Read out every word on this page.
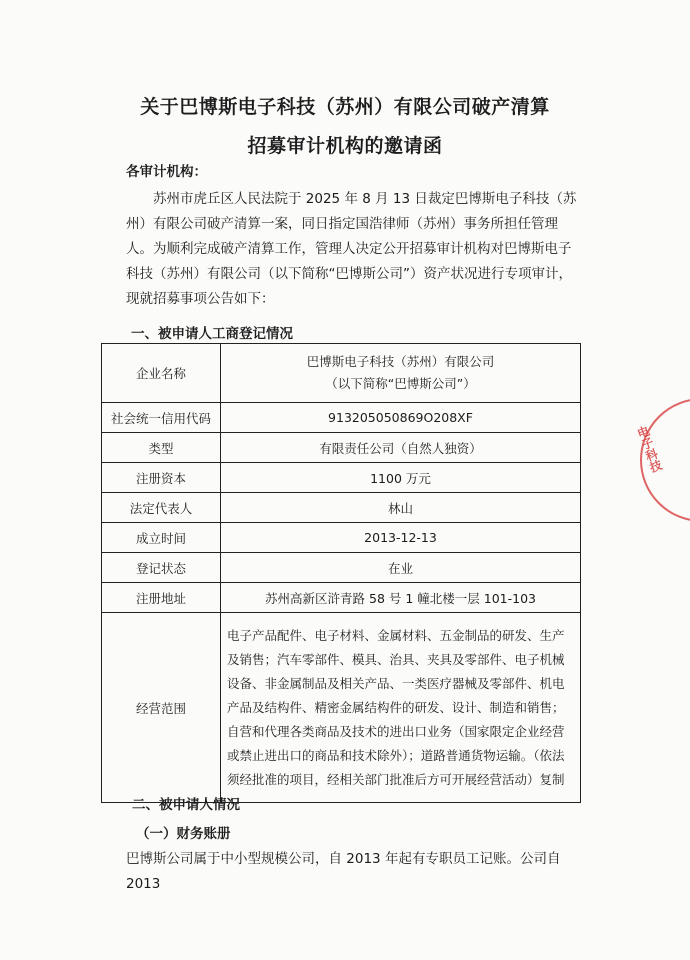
关于巴博斯电子科技（苏州）有限公司破产清算
招募审计机构的邀请函
各审计机构：

苏州市虎丘区人民法院于 2025 年 8 月 13 日裁定巴博斯电子科技（苏州）有限公司破产清算一案，同日指定国浩律师（苏州）事务所担任管理人。 为顺利完成破产清算工作，管理人决定公开招募审计机构对巴博斯电子科技（苏州）有限公司（以下简称“巴博斯公司”）资产状况进行专项审计，现就招募事项公告如下：

一、被申请人工商登记情况
企业名称	巴博斯电子科技（苏州）有限公司
（以下简称“巴博斯公司”）

社会统一信用代码	913205050869O208XF
类型	有限责任公司（自然人独资）
注册资本	1100 万元
法定代表人	林山
成立时间	2013-12-13
登记状态	在业
注册地址	苏州高新区浒青路 58 号 1 幢北楼一层 101-103
经营范围	电子产品配件、电子材料、金属材料、五金制品的研发、生产及销售；汽车零部件、模具、治具、夹具及零部件、电子机械设备、非金属制品及相关产品、一类医疗器械及零部件、机电产品及结构件、精密金属结构件的研发、设计、制造和销售；自营和代理各类商品及技术的进出口业务（国家限定企业经营或禁止进出口的商品和技术除外）；道路普通货物运输。（依法须经批准的项目，经相关部门批准后方可开展经营活动）复制
二、被申请人情况
（一）财务账册

巴博斯公司属于中小型规模公司，自 2013 年起有专职员工记账。公司自 2013

电子科技
